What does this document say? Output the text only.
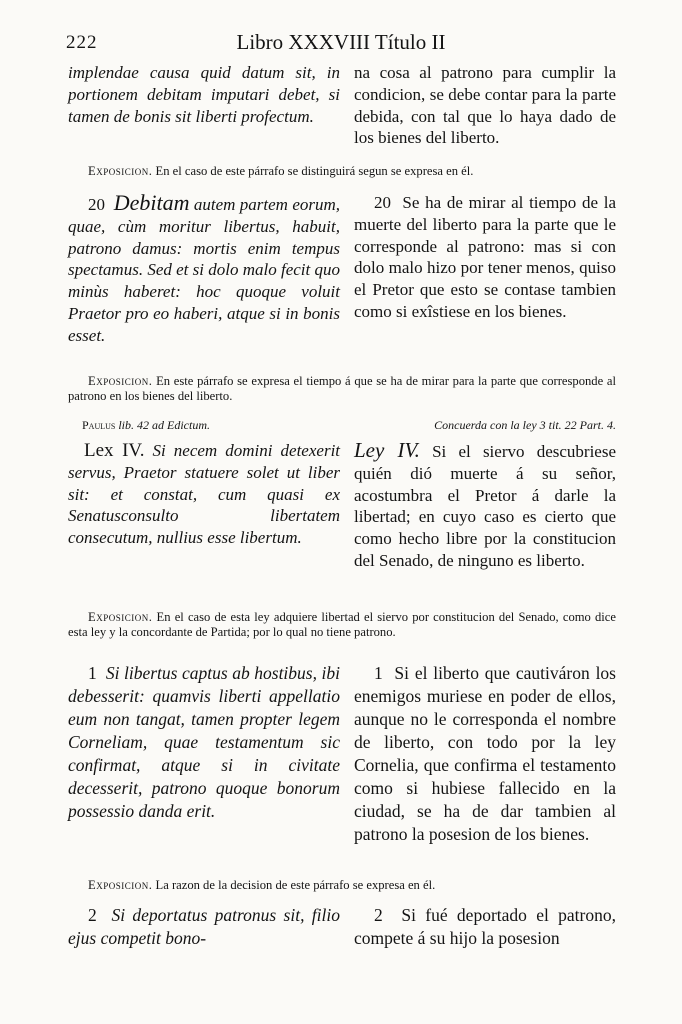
222	Libro XXXVIII Título II

implendae causa quid datum sit, in portionem debitam imputari debet, si tamen de bonis sit liberti profectum.

na cosa al patrono para cumplir la condicion, se debe contar para la parte debida, con tal que lo haya dado de los bienes del liberto.

Exposicion. En el caso de este párrafo se distinguirá segun se expresa en él.

20 Debitam autem partem eorum, quae, cùm moritur libertus, habuit, patrono damus: mortis enim tempus spectamus. Sed et si dolo malo fecit quo minùs haberet: hoc quoque voluit Praetor pro eo haberi, atque si in bonis esset.

20 Se ha de mirar al tiempo de la muerte del liberto para la parte que le corresponde al patrono: mas si con dolo malo hizo por tener menos, quiso el Pretor que esto se contase tambien como si exîstiese en los bienes.

Exposicion. En este párrafo se expresa el tiempo á que se ha de mirar para la parte que corresponde al patrono en los bienes del liberto.

Paulus lib. 42 ad Edictum.	Concuerda con la ley 3 tit. 22 Part. 4.

Lex IV. Si necem domini detexerit servus, Praetor statuere solet ut liber sit: et constat, cum quasi ex Senatusconsulto libertatem consecutum, nullius esse libertum.

Ley IV. Si el siervo descubriese quién dió muerte á su señor, acostumbra el Pretor á darle la libertad; en cuyo caso es cierto que como hecho libre por la constitucion del Senado, de ninguno es liberto.

Exposicion. En el caso de esta ley adquiere libertad el siervo por constitucion del Senado, como dice esta ley y la concordante de Partida; por lo qual no tiene patrono.

1 Si libertus captus ab hostibus, ibi debesserit: quamvis liberti appellatio eum non tangat, tamen propter legem Corneliam, quae testamentum sic confirmat, atque si in civitate decesserit, patrono quoque bonorum possessio danda erit.

1 Si el liberto que cautiváron los enemigos muriese en poder de ellos, aunque no le corresponda el nombre de liberto, con todo por la ley Cornelia, que confirma el testamento como si hubiese fallecido en la ciudad, se ha de dar tambien al patrono la posesion de los bienes.

Exposicion. La razon de la decision de este párrafo se expresa en él.

2 Si deportatus patronus sit, filio ejus competit bono-

2 Si fué deportado el patrono, compete á su hijo la posesion
